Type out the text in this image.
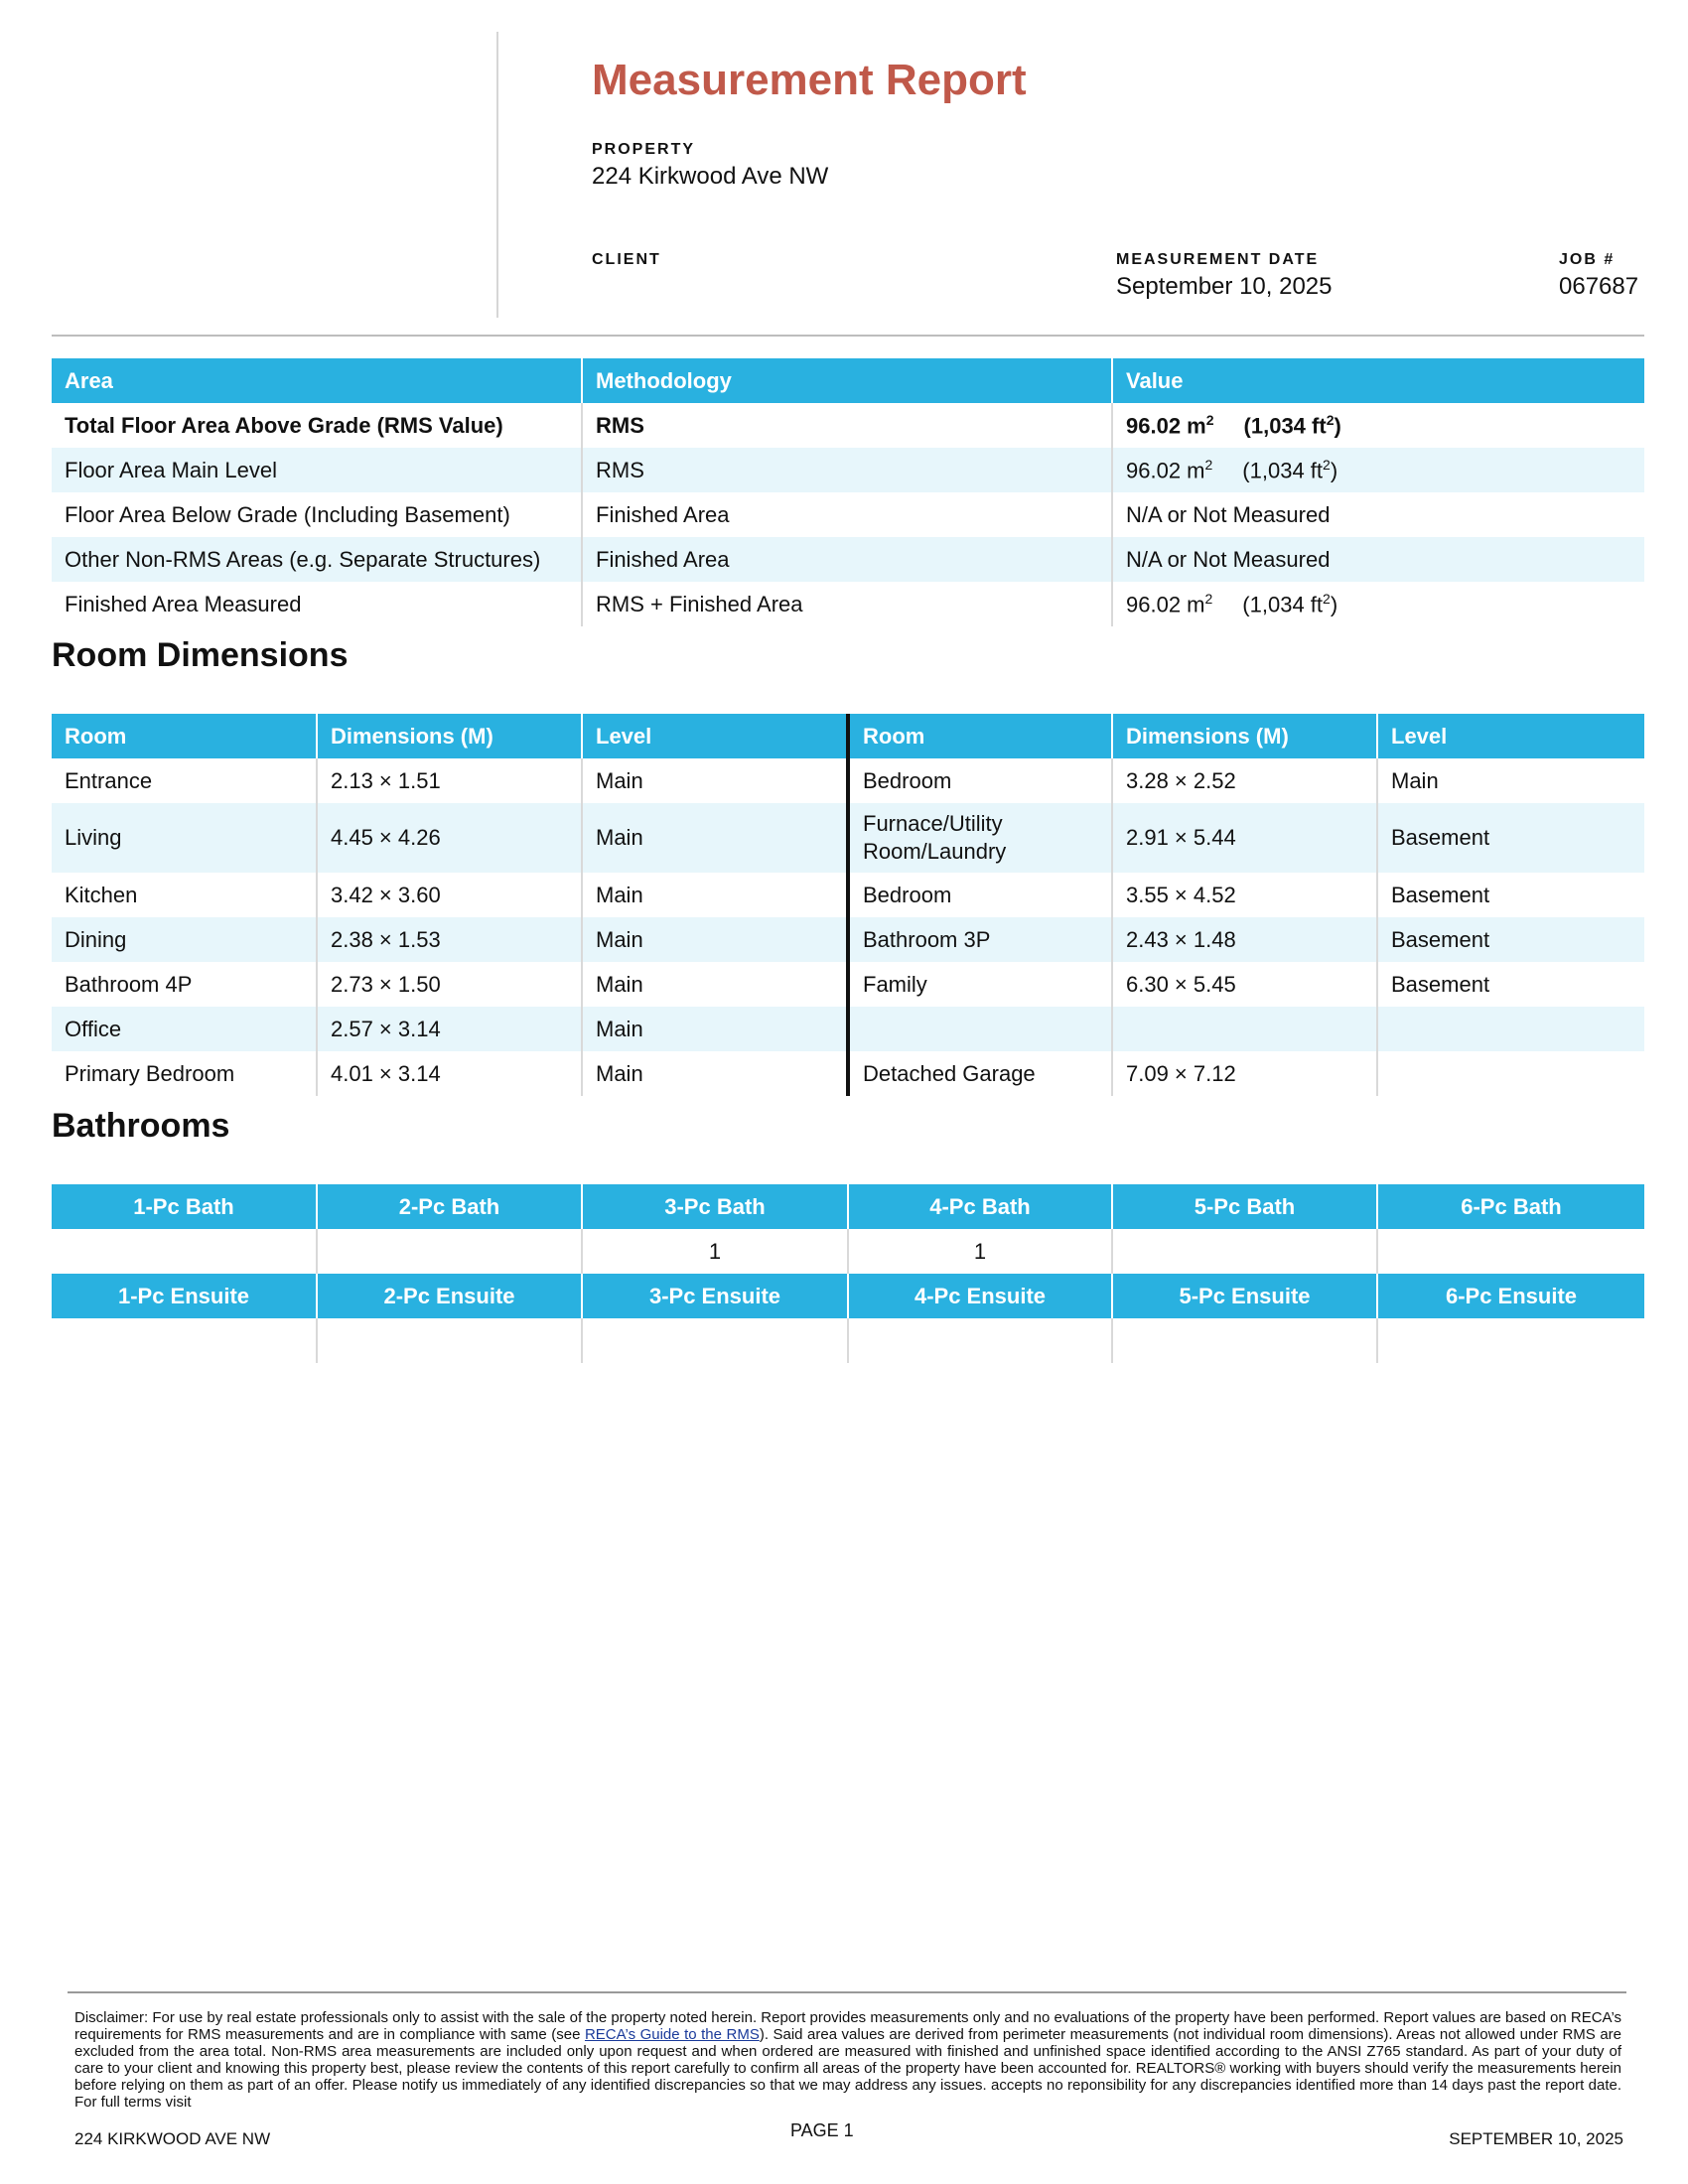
Measurement Report
PROPERTY
224 Kirkwood Ave NW
CLIENT	MEASUREMENT DATE
September 10, 2025
JOB #
067687
Area	Methodology	Value
Total Floor Area Above Grade (RMS Value)	RMS	96.02 $m^2$ (1,034 $ft^2$)
Floor Area Main Level	RMS	96.02 $m^2$ (1,034 $ft^2$)
Floor Area Below Grade (Including Basement)	Finished Area	N/A or Not Measured
Other Non-RMS Areas (e.g. Separate Structures)	Finished Area	N/A or Not Measured
Finished Area Measured	RMS + Finished Area	96.02 $m^2$ (1,034 $ft^2$)
Room Dimensions
Room	Dimensions (M)	Level	Room	Dimensions (M)	Level
Entrance	2.13 × 1.51	Main	Bedroom	3.28 × 2.52	Main
Living	4.45 × 4.26	Main	Furnace/Utility Room/Laundry	2.91 × 5.44	Basement
Kitchen	3.42 × 3.60	Main	Bedroom	3.55 × 4.52	Basement
Dining	2.38 × 1.53	Main	Bathroom 3P	2.43 × 1.48	Basement
Bathroom 4P	2.73 × 1.50	Main	Family	6.30 × 5.45	Basement
Office	2.57 × 3.14	Main			
Primary Bedroom	4.01 × 3.14	Main	Detached Garage	7.09 × 7.12	
Bathrooms
1-Pc Bath	2-Pc Bath	3-Pc Bath	4-Pc Bath	5-Pc Bath	6-Pc Bath
		1	1		
1-Pc Ensuite	2-Pc Ensuite	3-Pc Ensuite	4-Pc Ensuite	5-Pc Ensuite	6-Pc Ensuite

Disclaimer: For use by real estate professionals only to assist with the sale of the property noted herein. Report provides measurements only and no evaluations of the property have been performed. Report values are based on RECA’s requirements for RMS measurements and are in compliance with same (see RECA’s Guide to the RMS). Said area values are derived from perimeter measurements (not individual room dimensions). Areas not allowed under RMS are excluded from the area total. Non-RMS area measurements are included only upon request and when ordered are measured with finished and unfinished space identified according to the ANSI Z765 standard. As part of your duty of care to your client and knowing this property best, please review the contents of this report carefully to confirm all areas of the property have been accounted for. REALTORS® working with buyers should verify the measurements herein before relying on them as part of an offer. Please notify us immediately of any identified discrepancies so that we may address any issues. accepts no reponsibility for any discrepancies identified more than 14 days past the report date. For full terms visit
224 KIRKWOOD AVE NW	PAGE 1	SEPTEMBER 10, 2025
